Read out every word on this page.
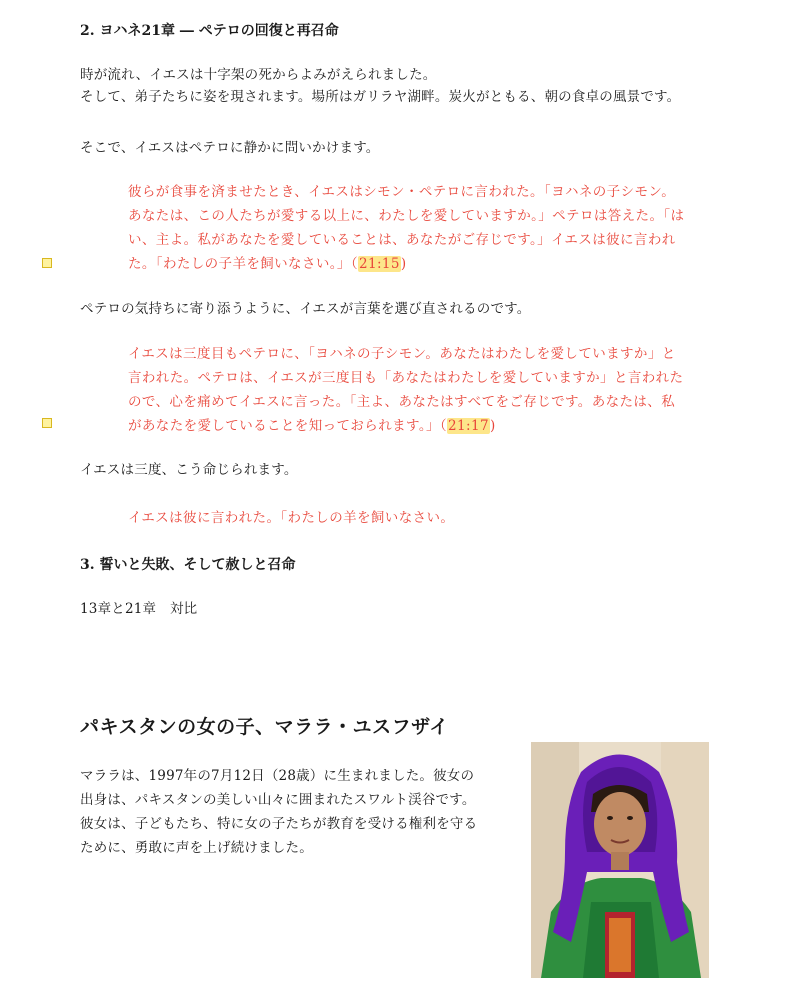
2. ヨハネ21章 ― ペテロの回復と再召命
時が流れ、イエスは十字架の死からよみがえられました。
そして、弟子たちに姿を現されます。場所はガリラヤ湖畔。炭火がともる、朝の食卓の風景です。
そこで、イエスはペテロに静かに問いかけます。
彼らが食事を済ませたとき、イエスはシモン・ペテロに言われた。「ヨハネの子シモン。
あなたは、この人たちが愛する以上に、わたしを愛していますか。」ペテロは答えた。「は
い、主よ。私があなたを愛していることは、あなたがご存じです。」イエスは彼に言われ
た。「わたしの子羊を飼いなさい。」（21:15)
ペテロの気持ちに寄り添うように、イエスが言葉を選び直されるのです。
イエスは三度目もペテロに、「ヨハネの子シモン。あなたはわたしを愛していますか」と
言われた。ペテロは、イエスが三度目も「あなたはわたしを愛していますか」と言われた
ので、心を痛めてイエスに言った。「主よ、あなたはすべてをご存じです。あなたは、私
があなたを愛していることを知っておられます。」（21:17)
イエスは三度、こう命じられます。
イエスは彼に言われた。「わたしの羊を飼いなさい。
3. 誓いと失敗、そして赦しと召命
13章と21章　対比
パキスタンの女の子、マララ・ユスフザイ
マララは、1997年の7月12日（28歳）に生まれました。彼女の
出身は、パキスタンの美しい山々に囲まれたスワルト渓谷です。
彼女は、子どもたち、特に女の子たちが教育を受ける権利を守る
ために、勇敢に声を上げ続けました。
